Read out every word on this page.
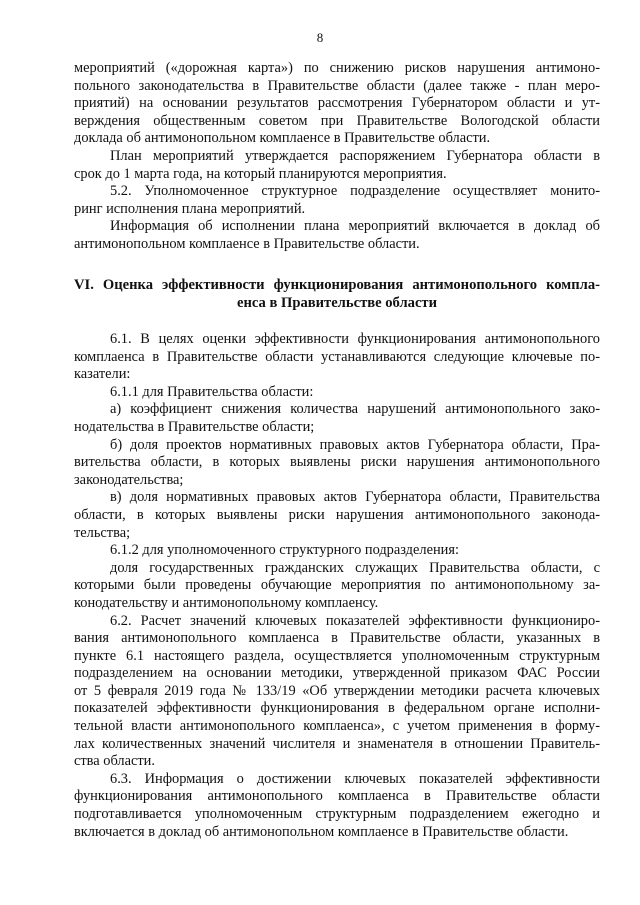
8
мероприятий («дорожная карта») по снижению рисков нарушения антимоно-
польного законодательства в Правительстве области (далее также - план меро-
приятий) на основании результатов рассмотрения Губернатором области и ут-
верждения общественным советом при Правительстве Вологодской области
доклада об антимонопольном комплаенсе в Правительстве области.
План мероприятий утверждается распоряжением Губернатора области в
срок до 1 марта года, на который планируются мероприятия.
5.2. Уполномоченное структурное подразделение осуществляет монито-
ринг исполнения плана мероприятий.
Информация об исполнении плана мероприятий включается в доклад об
антимонопольном комплаенсе в Правительстве области.
VI. Оценка эффективности функционирования антимонопольного компла-
енса в Правительстве области
6.1. В целях оценки эффективности функционирования антимонопольного
комплаенса в Правительстве области устанавливаются следующие ключевые по-
казатели:
6.1.1 для Правительства области:
а) коэффициент снижения количества нарушений антимонопольного зако-
нодательства в Правительстве области;
б) доля проектов нормативных правовых актов Губернатора области, Пра-
вительства области, в которых выявлены риски нарушения антимонопольного
законодательства;
в) доля нормативных правовых актов Губернатора области, Правительства
области, в которых выявлены риски нарушения антимонопольного законода-
тельства;
6.1.2 для уполномоченного структурного подразделения:
доля государственных гражданских служащих Правительства области, с
которыми были проведены обучающие мероприятия по антимонопольному за-
конодательству и антимонопольному комплаенсу.
6.2. Расчет значений ключевых показателей эффективности функциониро-
вания антимонопольного комплаенса в Правительстве области, указанных в
пункте 6.1 настоящего раздела, осуществляется уполномоченным структурным
подразделением на основании методики, утвержденной приказом ФАС России
от 5 февраля 2019 года № 133/19 «Об утверждении методики расчета ключевых
показателей эффективности функционирования в федеральном органе исполни-
тельной власти антимонопольного комплаенса», с учетом применения в форму-
лах количественных значений числителя и знаменателя в отношении Правитель-
ства области.
6.3. Информация о достижении ключевых показателей эффективности
функционирования антимонопольного комплаенса в Правительстве области
подготавливается уполномоченным структурным подразделением ежегодно и
включается в доклад об антимонопольном комплаенсе в Правительстве области.
